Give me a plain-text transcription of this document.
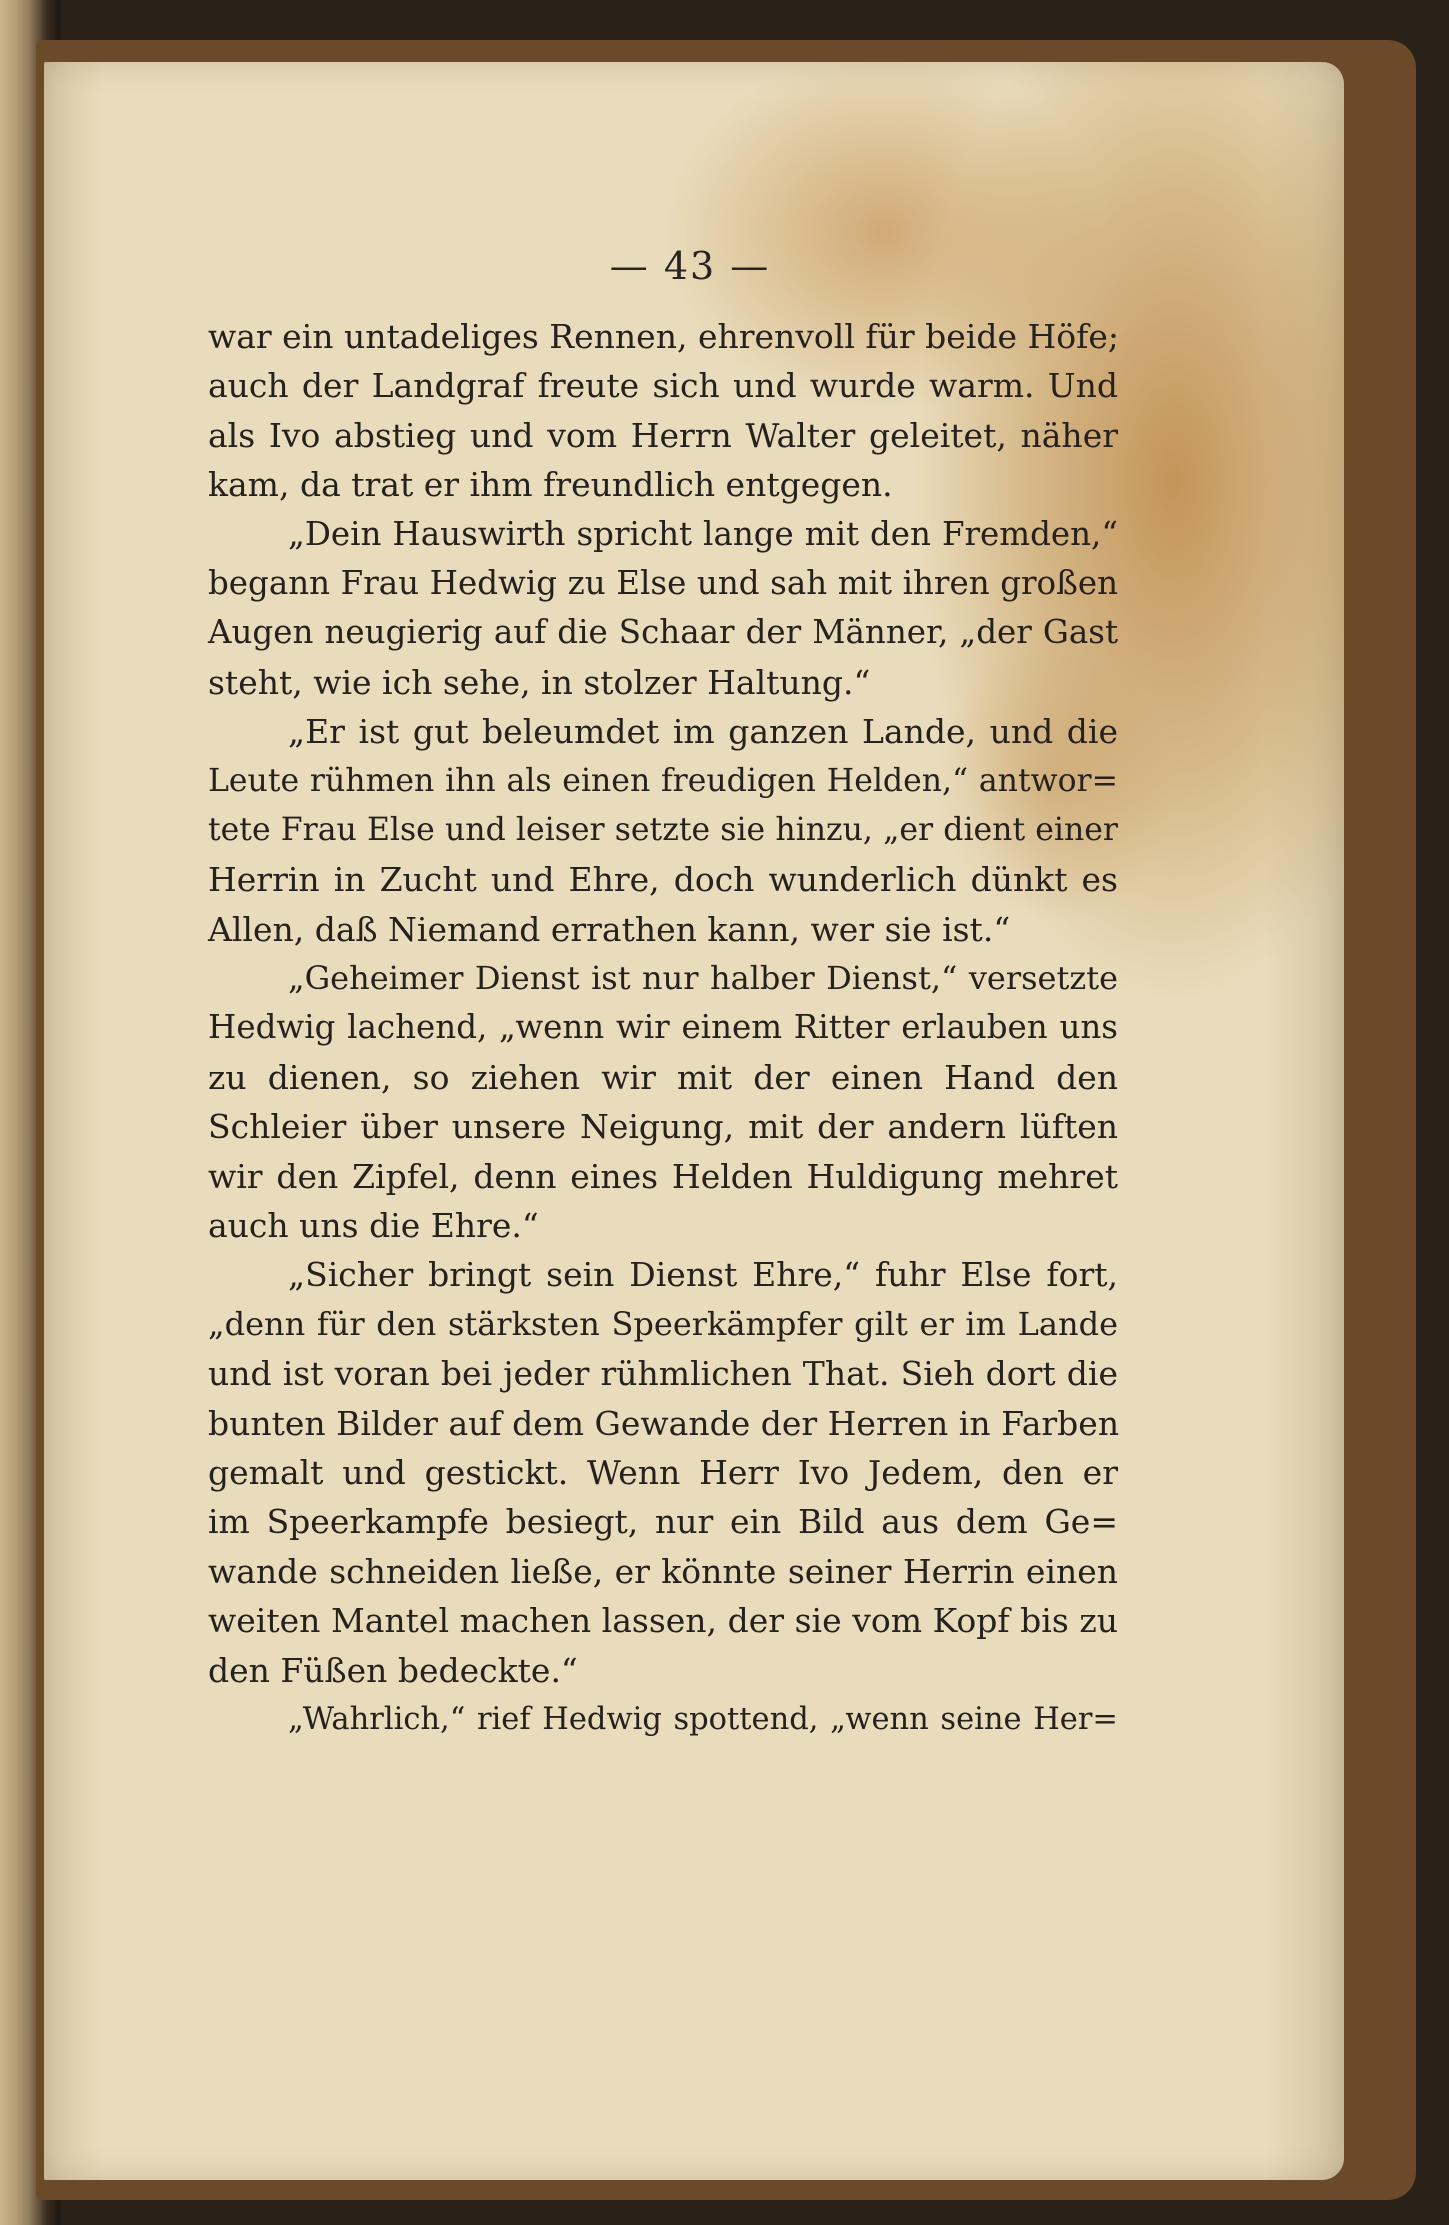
— 43 —
war ein untadeliges Rennen, ehrenvoll für beide Höfe;
auch der Landgraf freute sich und wurde warm. Und
als Ivo abstieg und vom Herrn Walter geleitet, näher
kam, da trat er ihm freundlich entgegen.
„Dein Hauswirth spricht lange mit den Fremden,“
begann Frau Hedwig zu Else und sah mit ihren großen
Augen neugierig auf die Schaar der Männer, „der Gast
steht, wie ich sehe, in stolzer Haltung.“
„Er ist gut beleumdet im ganzen Lande, und die
Leute rühmen ihn als einen freudigen Helden,“ antwor=
tete Frau Else und leiser setzte sie hinzu, „er dient einer
Herrin in Zucht und Ehre, doch wunderlich dünkt es
Allen, daß Niemand errathen kann, wer sie ist.“
„Geheimer Dienst ist nur halber Dienst,“ versetzte
Hedwig lachend, „wenn wir einem Ritter erlauben uns
zu dienen, so ziehen wir mit der einen Hand den
Schleier über unsere Neigung, mit der andern lüften
wir den Zipfel, denn eines Helden Huldigung mehret
auch uns die Ehre.“
„Sicher bringt sein Dienst Ehre,“ fuhr Else fort,
„denn für den stärksten Speerkämpfer gilt er im Lande
und ist voran bei jeder rühmlichen That. Sieh dort die
bunten Bilder auf dem Gewande der Herren in Farben
gemalt und gestickt. Wenn Herr Ivo Jedem, den er
im Speerkampfe besiegt, nur ein Bild aus dem Ge=
wande schneiden ließe, er könnte seiner Herrin einen
weiten Mantel machen lassen, der sie vom Kopf bis zu
den Füßen bedeckte.“
„Wahrlich,“ rief Hedwig spottend, „wenn seine Her=
